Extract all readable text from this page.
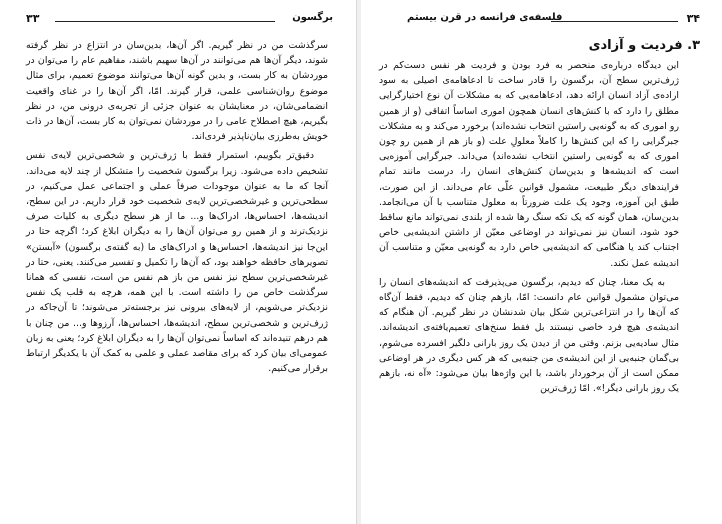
۳۳	برگسون

سرگذشت من در نظر گیریم. اگر آن‌ها، بدین‌سان در انتزاع در نظر گرفته شوند، دیگر آن‌ها هم می‌توانند در آن‌ها سهیم باشند، مفاهیم عام را می‌توان در موردشان به کار بست، و بدین گونه آن‌ها می‌توانند موضوع تعمیم، برای مثال موضوع روان‌شناسی علمی، قرار گیرند. امّا، اگر آن‌ها را در غنای واقعیت انضمامی‌شان، در معنایشان به عنوان جزئی از تجربه‌ی درونی من، در نظر بگیریم، هیچ اصطلاح عامی را در موردشان نمی‌توان به کار بست، آن‌ها در ذات خویش به‌طرزی بیان‌ناپذیر فردی‌اند.

دقیق‌تر بگوییم، استمرار فقط با ژرف‌ترین و شخصی‌ترین لایه‌ی نفس تشخیص داده می‌شود. زیرا برگسون شخصیت را متشکل از چند لایه می‌داند. آنجا که ما به عنوان موجودات صرفاً عملی و اجتماعی عمل می‌کنیم، در سطحی‌ترین و غیرشخصی‌ترین لایه‌ی شخصیت خود قرار داریم. در این سطح، اندیشه‌ها، احساس‌ها، ادراک‌ها و... ما از هر سطح دیگری به کلیات صرف نزدیک‌ترند و از همین رو می‌توان آن‌ها را به دیگران ابلاغ کرد؛ اگرچه حتا در این‌جا نیز اندیشه‌ها، احساس‌ها و ادراک‌های ما (به گفته‌ی برگسون) «آبستن» تصویرهای حافظه خواهند بود، که آن‌ها را تکمیل و تفسیر می‌کنند. یعنی، حتا در غیرشخصی‌ترین سطح نیز نفس من باز هم نفس من است، نفسی که همانا سرگذشت خاص من را داشته است. با این همه، هرچه به قلب یک نفس نزدیک‌تر می‌شویم، از لایه‌های بیرونی نیز برجسته‌تر می‌شوند؛ تا آن‌جاکه در ژرف‌ترین و شخصی‌ترین سطح، اندیشه‌ها، احساس‌ها، آرزوها و... من چنان با هم درهم تنیده‌اند که اساساً نمی‌توان آن‌ها را به دیگران ابلاغ کرد؛ یعنی به زبان عمومی‌ای بیان کرد که برای مقاصد عملی و علمی به کمک آن با یکدیگر ارتباط برقرار می‌کنیم.

۳۴
فلسفه‌ی فرانسه در قرن بیستم
۳. فردیت و آزادی

این دیدگاه درباره‌ی منحصر به فرد بودن و فردیت هر نفس دست‌کم در ژرف‌ترین سطح آن، برگسون را قادر ساخت تا ادعاهامه‌ی اصیلی به سود اراده‌ی آزاد انسان ارائه دهد، ادعاهامه‌یی که به مشکلات آن نوع اختیارگرایی مطلق را دارد که با کنش‌های انسان همچون اموری اساساً اتفاقی (و از همین رو اموری که به گونه‌یی راستین انتخاب نشده‌اند) برخورد می‌کند و به مشکلات جبرگرایی را که این کنش‌ها را کاملاً معلولِ علت (و باز هم از همین رو چون اموری که به گونه‌یی راستین انتخاب نشده‌اند) می‌داند. جبرگرایی آموزه‌یی است که اندیشه‌ها و بدین‌سان کنش‌های انسان را، درست مانند تمام فرایندهای دیگر طبیعت، مشمول قوانین علّی عام می‌داند. از این صورت، طبق این آموزه، وجود یک علت ضرورتاً به معلول متناسب با آن می‌انجامد. بدین‌سان، همان گونه که یک تکه سنگ رها شده از بلندی نمی‌تواند مانع ساقط خود شود، انسان نیز نمی‌تواند در اوضاعی معیّن از داشتن اندیشه‌یی خاص اجتناب کند یا هنگامی که اندیشه‌یی خاص دارد به گونه‌یی معیّن و متناسب آن اندیشه عمل نکند.

به یک معنا، چنان که دیدیم، برگسون می‌پذیرفت که اندیشه‌های انسان را می‌توان مشمول قوانین عام دانست: امّا، بازهم چنان که دیدیم، فقط آن‌گاه که آن‌ها را در انتزاعی‌ترین شکل بیان شدنشان در نظر گیریم. آن هنگام که اندیشه‌ی هیچ فرد خاصی نیستند بل فقط سنخ‌های تعمیم‌یافته‌ی اندیشه‌اند. مثال سادیه‌یی بزنم. وقتی من از دیدن یک روز بارانی دلگیر افسرده می‌شوم، بی‌گمان جنبه‌یی از این اندیشه‌ی من جنبه‌یی که هر کس دیگری در هر اوضاعی ممکن است از آن برخوردار باشد، با این واژه‌ها بیان می‌شود: «آه نه، بازهم یک روز بارانی دیگر!». امّا ژرف‌ترین
